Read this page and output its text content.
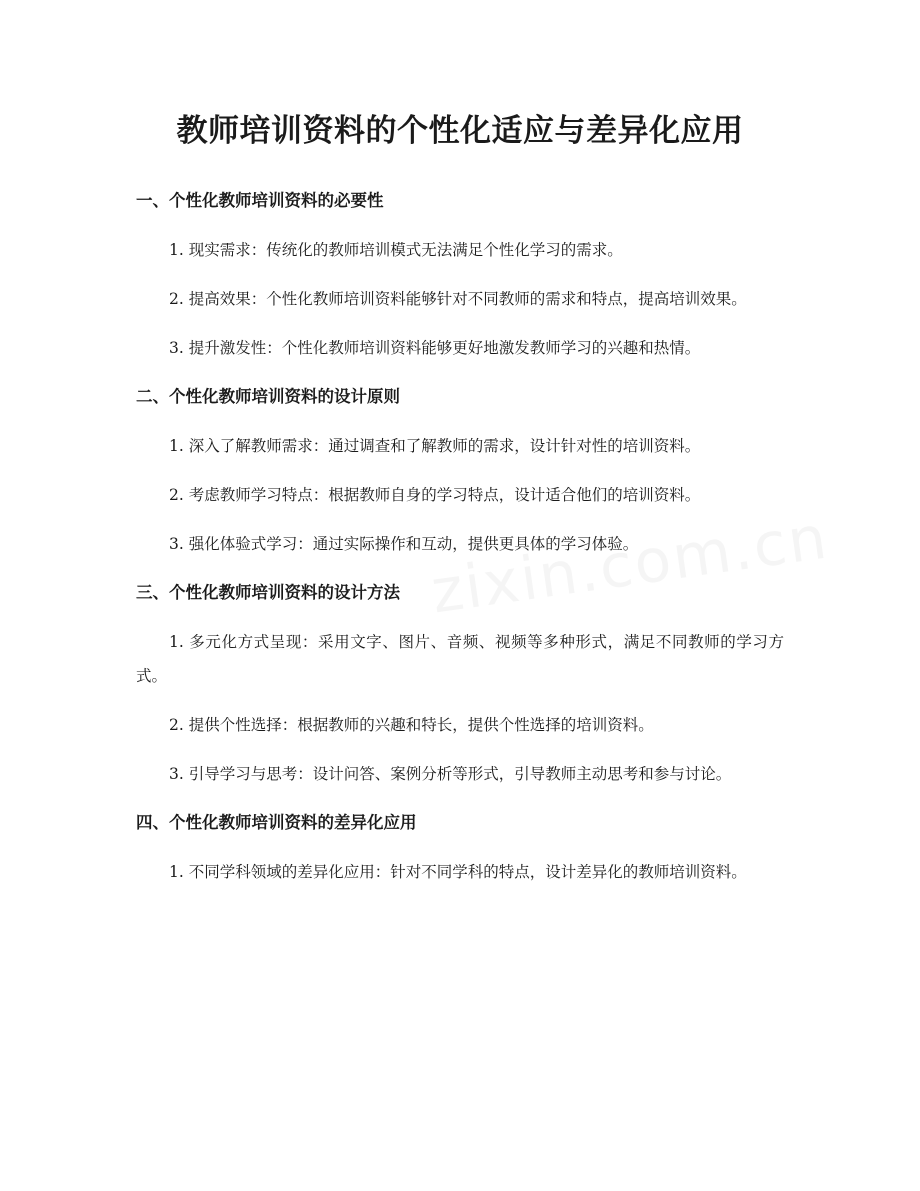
教师培训资料的个性化适应与差异化应用
一、个性化教师培训资料的必要性

1. 现实需求：传统化的教师培训模式无法满足个性化学习的需求。

2. 提高效果：个性化教师培训资料能够针对不同教师的需求和特点，提高培训效果。

3. 提升激发性：个性化教师培训资料能够更好地激发教师学习的兴趣和热情。

二、个性化教师培训资料的设计原则

1. 深入了解教师需求：通过调查和了解教师的需求，设计针对性的培训资料。

2. 考虑教师学习特点：根据教师自身的学习特点，设计适合他们的培训资料。

3. 强化体验式学习：通过实际操作和互动，提供更具体的学习体验。

三、个性化教师培训资料的设计方法

1. 多元化方式呈现：采用文字、图片、音频、视频等多种形式，满足不同教师的学习方式。

2. 提供个性选择：根据教师的兴趣和特长，提供个性选择的培训资料。

3. 引导学习与思考：设计问答、案例分析等形式，引导教师主动思考和参与讨论。

四、个性化教师培训资料的差异化应用

1. 不同学科领域的差异化应用：针对不同学科的特点，设计差异化的教师培训资料。
